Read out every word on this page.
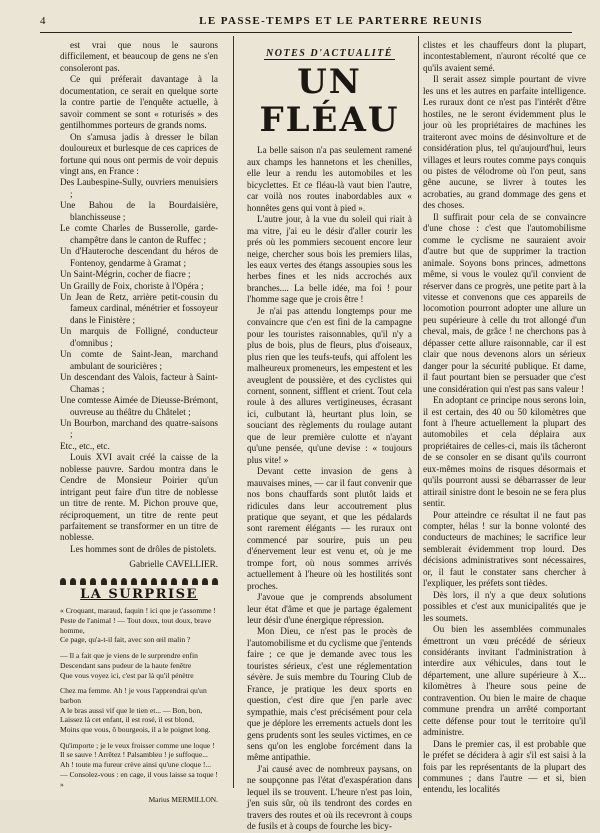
4	LE PASSE-TEMPS ET LE PARTERRE REUNIS

est vrai que nous le saurons difficilement, et beaucoup de gens ne s'en consoleront pas.

Ce qui préferait davantage à la documentation, ce serait en quelque sorte la contre partie de l'enquête actuelle, à savoir comment se sont « roturisés » des gentilhommes porteurs de grands noms.

On s'amusa jadis à dresser le bilan douloureux et burlesque de ces caprices de fortune qui nous ont permis de voir depuis vingt ans, en France :

Des Laubespine-Sully, ouvriers menuisiers ;

Une Bahou de la Bourdaisière, blanchisseuse ;

Le comte Charles de Busserolle, garde-champêtre dans le canton de Ruffec ;

Un d'Hauteroche descendant du héros de Fontenoy, gendarme à Gramat ;

Un Saint-Mégrin, cocher de fiacre ;

Un Grailly de Foix, choriste à l'Opéra ;

Un Jean de Retz, arrière petit-cousin du fameux cardinal, ménétrier et fossoyeur dans le Finistère ;

Un marquis de Folligné, conducteur d'omnibus ;

Un comte de Saint-Jean, marchand ambulant de souricières ;

Un descendant des Valois, facteur à Saint-Chamas ;

Une comtesse Aimée de Dieusse-Brémont, ouvreuse au théâtre du Châtelet ;

Un Bourbon, marchand des quatre-saisons ;

Etc., etc., etc.

Louis XVI avait créé la caisse de la noblesse pauvre. Sardou montra dans le Cendre de Monsieur Poirier qu'un intrigant peut faire d'un titre de noblesse un titre de rente. M. Pichon prouve que, réciproquement, un titre de rente peut parfaitement se transformer en un titre de noblesse.

Les hommes sont de drôles de pistolets.

Gabrielle CAVELLIER.

LA SURPRISE

« Croquant, maraud, faquin ! ici que je t'assomme !

Peste de l'animal ! — Tout doux, tout doux, brave homme,

Ce page, qu'a-t-il fait, avec son œil malin ?

— Il a fait que je viens de le surprendre enfin

Descendant sans pudeur de la haute fenêtre

Que vous voyez ici, c'est par là qu'il pénètre

Chez ma femme. Ah ! je vous l'apprendrai qu'un barbon

A le bras aussi vif que le tien et... — Bon, bon,

Laissez là cet enfant, il est rosé, il est blond,

Moins que vous, ô bourgeois, il a le poignet long.

Qu'importe ; je le veux froisser comme une loque !

Il se sauve ! Arrêtez ! Palsambleu ! je suffoque...

Ah ! toute ma fureur crève ainsi qu'une cloque !...

— Consolez-vous : en cage, il vous laisse sa toque ! »

Marius MERMILLON.

NOTES D'ACTUALITÉ
UN FLÉAU

La belle saison n'a pas seulement ramené aux champs les hannetons et les chenilles, elle leur a rendu les automobiles et les bicyclettes. Et ce fléau-là vaut bien l'autre, car voilà nos routes inabordables aux « honnêtes gens qui vont à pied ».

L'autre jour, à la vue du soleil qui riait à ma vitre, j'ai eu le désir d'aller courir les prés où les pommiers secouent encore leur neige, chercher sous bois les premiers lilas, les eaux vertes des étangs assoupies sous les herbes fines et les nids accrochés aux branches.... La belle idée, ma foi ! pour l'homme sage que je crois être !

Je n'ai pas attendu longtemps pour me convaincre que c'en est fini de la campagne pour les touristes raisonnables, qu'il n'y a plus de bois, plus de fleurs, plus d'oiseaux, plus rien que les teufs-teufs, qui affolent les malheureux promeneurs, les empestent et les aveuglent de poussière, et des cyclistes qui cornent, sonnent, sifflent et crient. Tout cela roule à des allures vertigineuses, écrasant ici, culbutant là, heurtant plus loin, se souciant des règlements du roulage autant que de leur première culotte et n'ayant qu'une pensée, qu'une devise : « toujours plus vite! »

Devant cette invasion de gens à mauvaises mines, — car il faut convenir que nos bons chauffards sont plutôt laids et ridicules dans leur accoutrement plus pratique que seyant, et que les pédalards sont rarement élégants — les ruraux ont commencé par sourire, puis un peu d'énervement leur est venu et, où je me trompe fort, où nous sommes arrivés actuellement à l'heure où les hostilités sont proches.

J'avoue que je comprends absolument leur état d'âme et que je partage également leur désir d'une énergique répression.

Mon Dieu, ce n'est pas le procès de l'automobilisme et du cyclisme que j'entends faire ; ce que je demande avec tous les touristes sérieux, c'est une réglementation sévère. Je suis membre du Touring Club de France, je pratique les deux sports en question, c'est dire que j'en parle avec sympathie, mais c'est précisément pour cela que je déplore les errements actuels dont les gens prudents sont les seules victimes, en ce sens qu'on les englobe forcément dans la même antipathie.

J'ai causé avec de nombreux paysans, on ne soupçonne pas l'état d'exaspération dans lequel ils se trouvent. L'heure n'est pas loin, j'en suis sûr, où ils tendront des cordes en travers des routes et où ils recevront à coups de fusils et à coups de fourche les bicy-

clistes et les chauffeurs dont la plupart, incontestablement, n'auront récolté que ce qu'ils avaient semé.

Il serait assez simple pourtant de vivre les uns et les autres en parfaite intelligence. Les ruraux dont ce n'est pas l'intérêt d'être hostiles, ne le seront évidemment plus le jour où les propriétaires de machines les traiteront avec moins de désinvolture et de considération plus, tel qu'aujourd'hui, leurs villages et leurs routes comme pays conquis ou pistes de vélodrome où l'on peut, sans gêne aucune, se livrer à toutes les acrobaties, au grand dommage des gens et des choses.

Il suffirait pour cela de se convaincre d'une chose : c'est que l'automobilisme comme le cyclisme ne sauraient avoir d'autre but que de supprimer la traction animale. Soyons bons princes, admettons même, si vous le voulez qu'il convient de réserver dans ce progrès, une petite part à la vitesse et convenons que ces appareils de locomotion pourront adopter une allure un peu supérieure à celle du trot allongé d'un cheval, mais, de grâce ! ne cherchons pas à dépasser cette allure raisonnable, car il est clair que nous devenons alors un sérieux danger pour la sécurité publique. Et dame, il faut pourtant bien se persuader que c'est une considération qui n'est pas sans valeur !

En adoptant ce principe nous serons loin, il est certain, des 40 ou 50 kilomètres que font à l'heure actuellement la plupart des automobiles et cela déplaira aux propriétaires de celles-ci, mais ils tâcheront de se consoler en se disant qu'ils courront eux-mêmes moins de risques désormais et qu'ils pourront aussi se débarrasser de leur attirail sinistre dont le besoin ne se fera plus sentir.

Pour atteindre ce résultat il ne faut pas compter, hélas ! sur la bonne volonté des conducteurs de machines; le sacrifice leur semblerait évidemment trop lourd. Des décisions administratives sont nécessaires, or, il faut le constater sans chercher à l'expliquer, les préfets sont tièdes.

Dès lors, il n'y a que deux solutions possibles et c'est aux municipalités que je les soumets.

Ou bien les assemblées communales émettront un vœu précédé de sérieux considérants invitant l'administration à interdire aux véhicules, dans tout le département, une allure supérieure à X... kilomètres à l'heure sous peine de contravention. Ou bien le maire de chaque commune prendra un arrêté comportant cette défense pour tout le territoire qu'il administre.

Dans le premier cas, il est probable que le préfet se décidera à agir s'il est saisi à la fois par les représentants de la plupart des communes ; dans l'autre — et si, bien entendu, les localités
